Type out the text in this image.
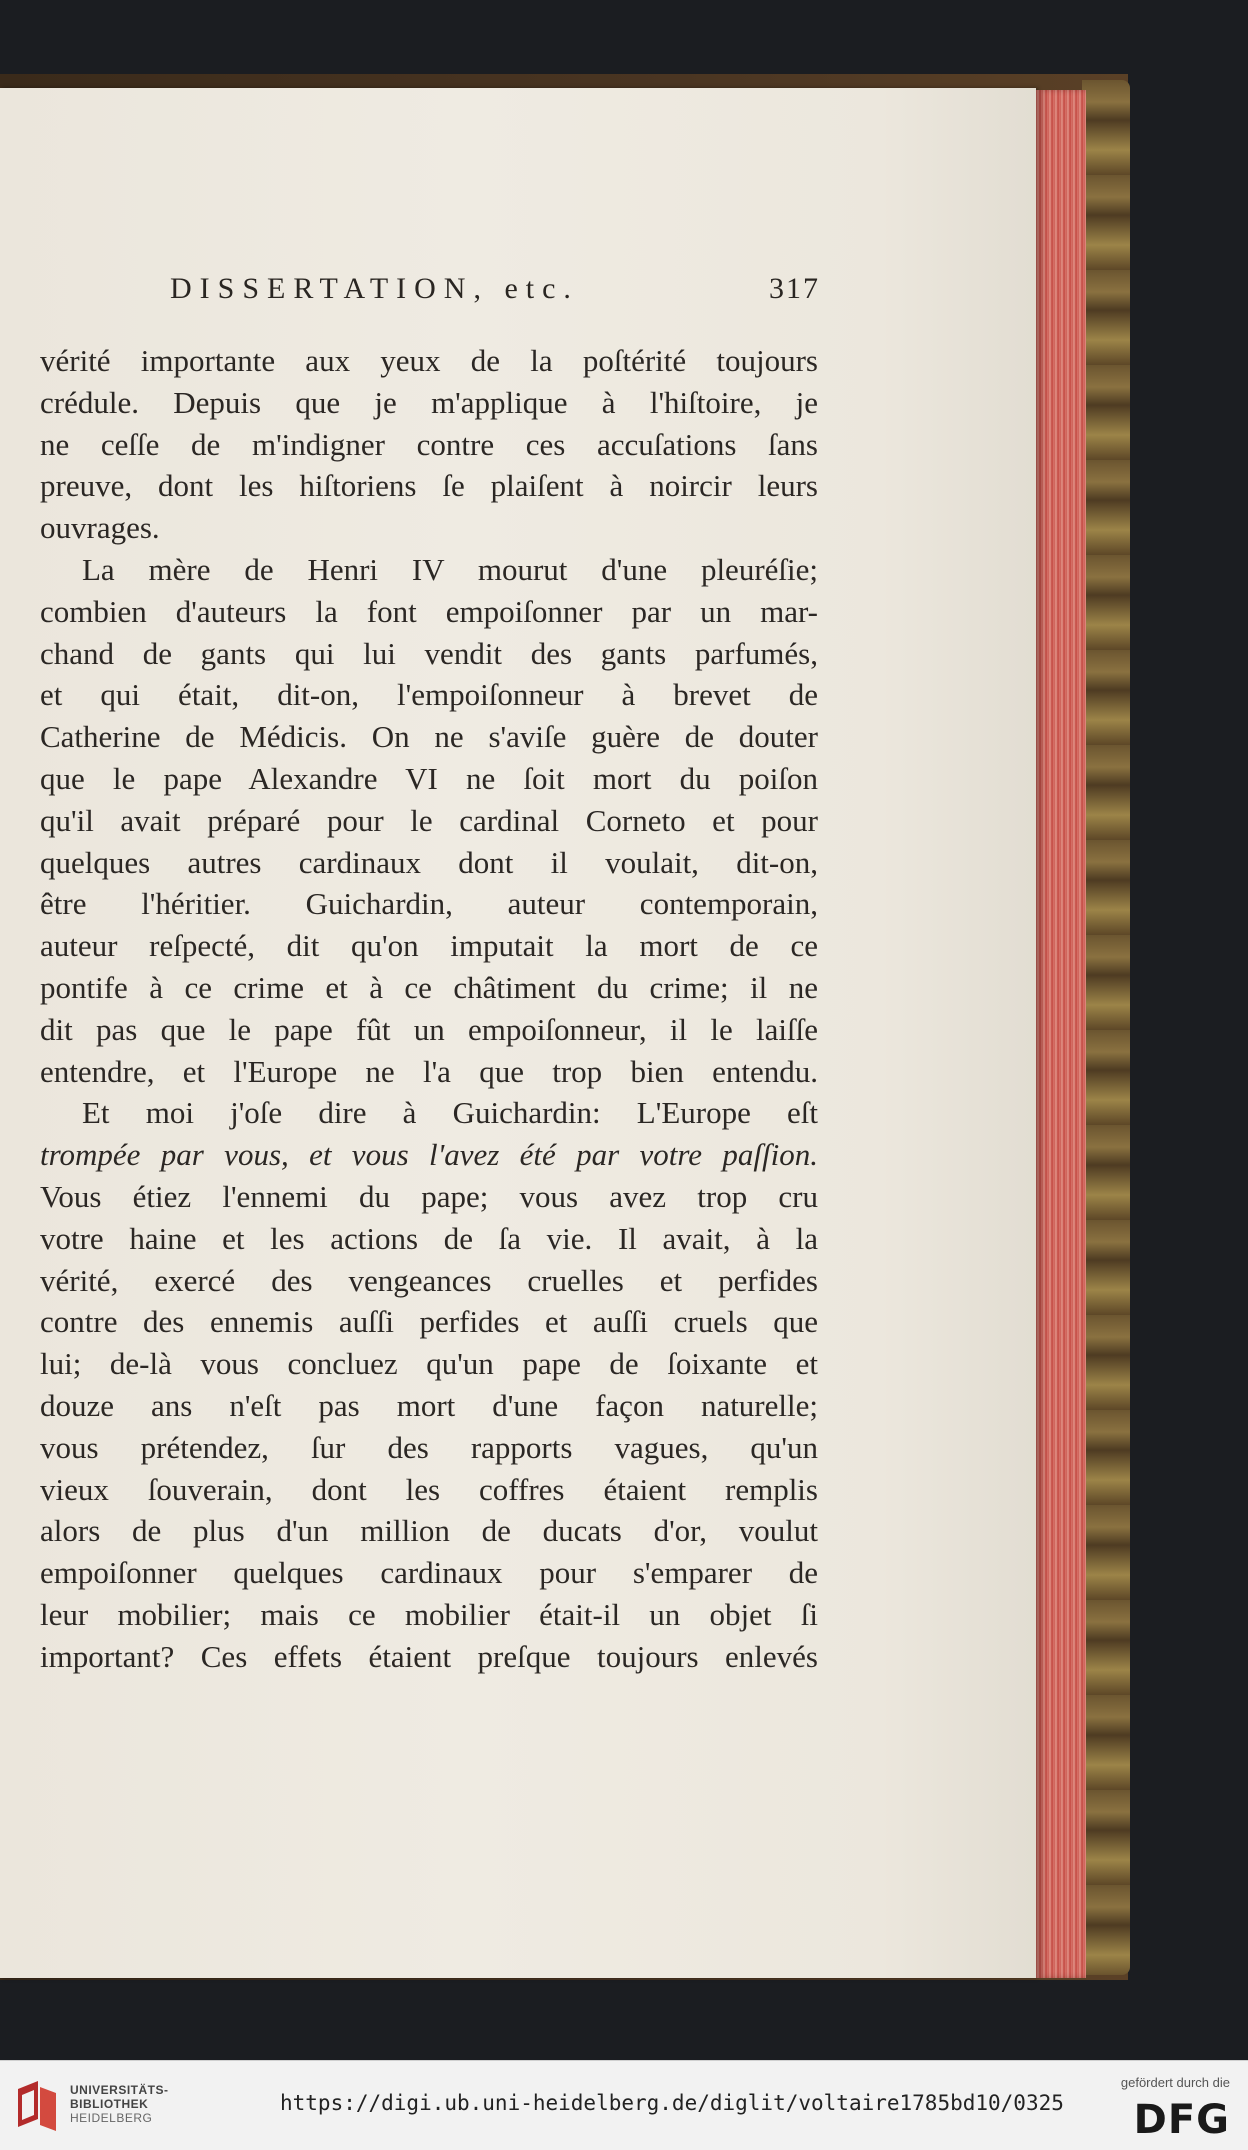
DISSERTATION, etc.	317
vérité importante aux yeux de la poſtérité toujours
crédule. Depuis que je m'applique à l'hiſtoire, je
ne ceſſe de m'indigner contre ces accuſations ſans
preuve, dont les hiſtoriens ſe plaiſent à noircir leurs
ouvrages.
La mère de Henri IV mourut d'une pleuréſie;
combien d'auteurs la font empoiſonner par un mar-
chand de gants qui lui vendit des gants parfumés,
et qui était, dit-on, l'empoiſonneur à brevet de
Catherine de Médicis. On ne s'aviſe guère de douter
que le pape Alexandre VI ne ſoit mort du poiſon
qu'il avait préparé pour le cardinal Corneto et pour
quelques autres cardinaux dont il voulait, dit-on,
être l'héritier. Guichardin, auteur contemporain,
auteur reſpecté, dit qu'on imputait la mort de ce
pontife à ce crime et à ce châtiment du crime; il ne
dit pas que le pape fût un empoiſonneur, il le laiſſe
entendre, et l'Europe ne l'a que trop bien entendu.
Et moi j'oſe dire à Guichardin: L'Europe eſt
trompée par vous, et vous l'avez été par votre paſſion.
Vous étiez l'ennemi du pape; vous avez trop cru
votre haine et les actions de ſa vie. Il avait, à la
vérité, exercé des vengeances cruelles et perfides
contre des ennemis auſſi perfides et auſſi cruels que
lui; de-là vous concluez qu'un pape de ſoixante et
douze ans n'eſt pas mort d'une façon naturelle;
vous prétendez, ſur des rapports vagues, qu'un
vieux ſouverain, dont les coffres étaient remplis
alors de plus d'un million de ducats d'or, voulut
empoiſonner quelques cardinaux pour s'emparer de
leur mobilier; mais ce mobilier était-il un objet ſi
important? Ces effets étaient preſque toujours enlevés
UNIVERSITÄTS-
BIBLIOTHEK
HEIDELBERG
https://digi.ub.uni-heidelberg.de/diglit/voltaire1785bd10/0325
gefördert durch die
DFG
